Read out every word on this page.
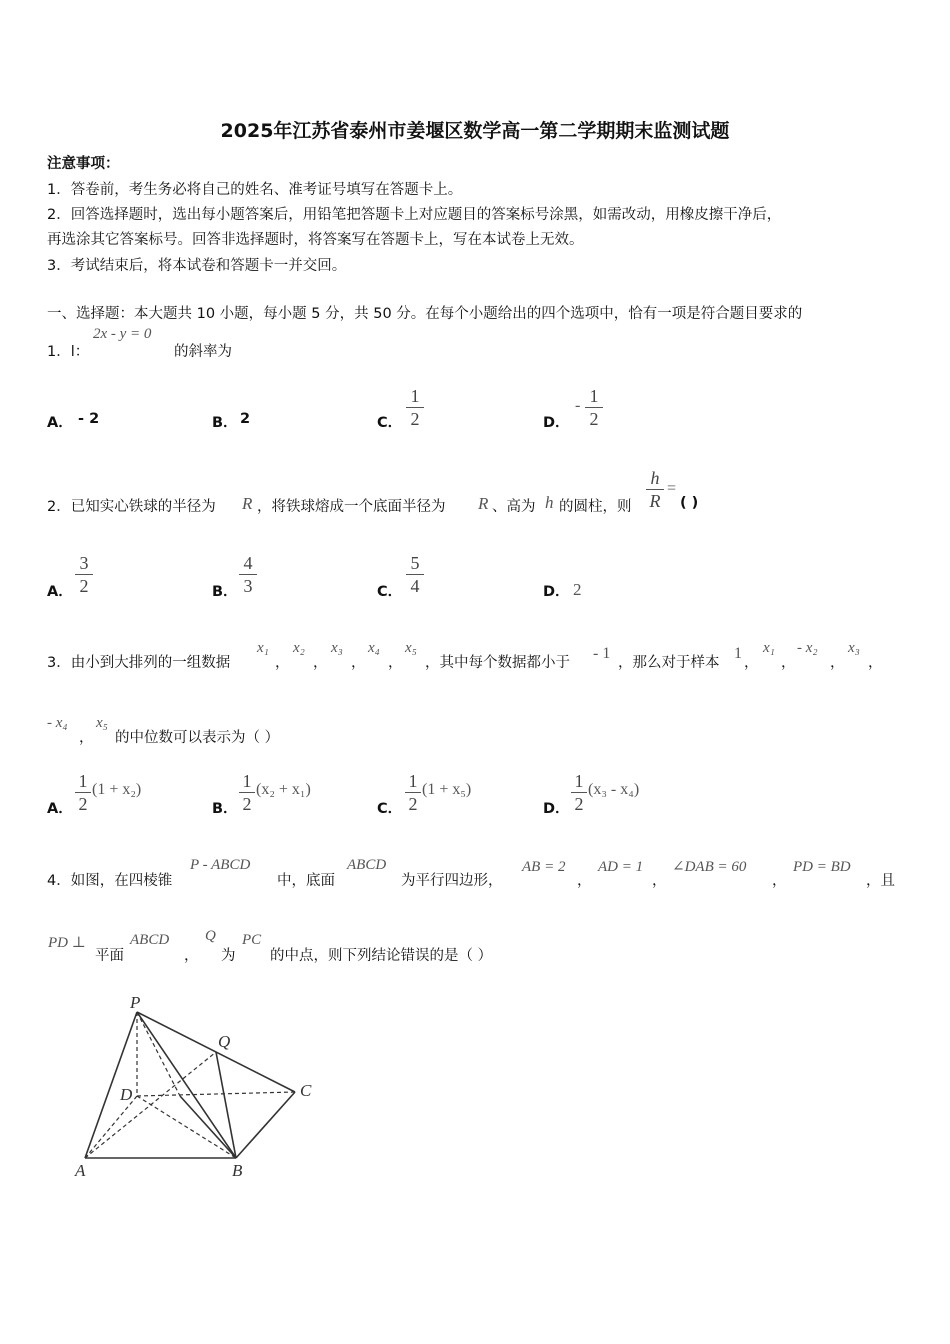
2025年江苏省泰州市姜堰区数学高一第二学期期末监测试题
注意事项：
1．答卷前，考生务必将自己的姓名、准考证号填写在答题卡上。
2．回答选择题时，选出每小题答案后，用铅笔把答题卡上对应题目的答案标号涂黑，如需改动，用橡皮擦干净后，
再选涂其它答案标号。回答非选择题时，将答案写在答题卡上，写在本试卷上无效。
3．考试结束后，将本试卷和答题卡一并交回。
一、选择题：本大题共 10 小题，每小题 5 分，共 50 分。在每个小题给出的四个选项中，恰有一项是符合题目要求的
1．l：
2x - y = 0
的斜率为
A． - 2	B． 2	C．
1
2	D．
- 1
2
2．已知实心铁球的半径为 R ，将铁球熔成一个底面半径为 R 、高为 h 的圆柱，则
h
R
=
( )
A．
3
2	B．
4
3	C．
5
4	D． 2
3．由小到大排列的一组数据
x₁
，
x₂
，
x₃
，
x₄
，
x₅
，其中每个数据都小于
- 1
，那么对于样本
1
，
x₁
，
- x₂
，
x₃
，
- x₄
，
x₅
的中位数可以表示为（ ）
A．
1
2
(1 + x₂)
B．
1
2
(x₂ + x₁)
C．
1
2
(1 + x₅)
D．
1
2
(x₃ - x₄)
4．如图，在四棱锥
P - ABCD
中，底面
ABCD
为平行四边形，
AB = 2
，
AD = 1
，
∠DAB = 60
，
PD = BD
，且
PD ⊥
平面
ABCD
，
Q
为
PC
的中点，则下列结论错误的是（ ）
P
Q
D	C
A	B
